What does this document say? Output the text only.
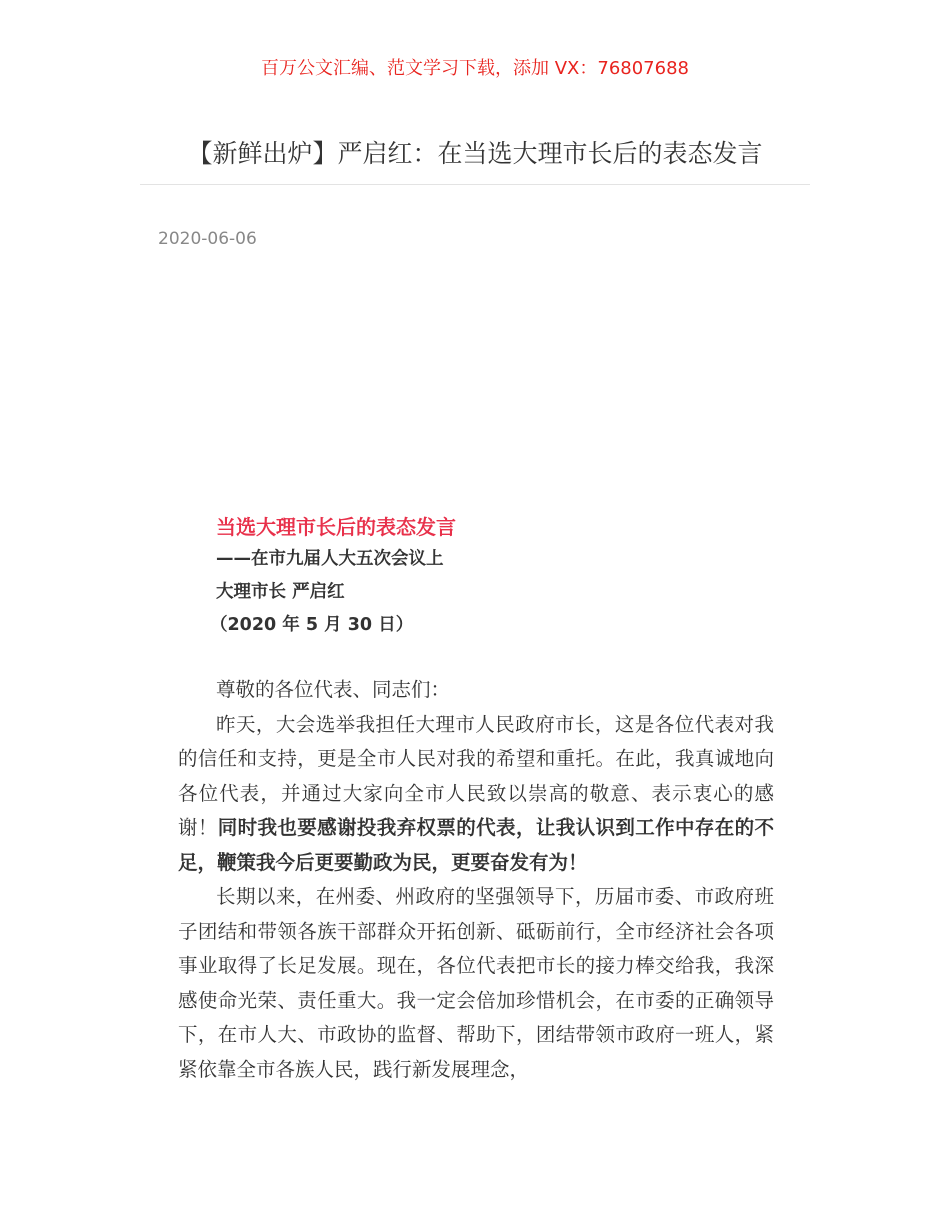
百万公文汇编、范文学习下载，添加 VX：76807688
【新鲜出炉】严启红：在当选大理市长后的表态发言
2020-06-06
当选大理市长后的表态发言
——在市九届人大五次会议上
大理市长 严启红
（2020 年 5 月 30 日）

尊敬的各位代表、同志们：

昨天，大会选举我担任大理市人民政府市长，这是各位代表对我的信任和支持，更是全市人民对我的希望和重托。在此，我真诚地向各位代表，并通过大家向全市人民致以崇高的敬意、表示衷心的感谢！同时我也要感谢投我弃权票的代表，让我认识到工作中存在的不足，鞭策我今后更要勤政为民，更要奋发有为！

长期以来，在州委、州政府的坚强领导下，历届市委、市政府班子团结和带领各族干部群众开拓创新、砥砺前行，全市经济社会各项事业取得了长足发展。现在，各位代表把市长的接力棒交给我，我深感使命光荣、责任重大。我一定会倍加珍惜机会，在市委的正确领导下，在市人大、市政协的监督、帮助下，团结带领市政府一班人，紧紧依靠全市各族人民，践行新发展理念，
